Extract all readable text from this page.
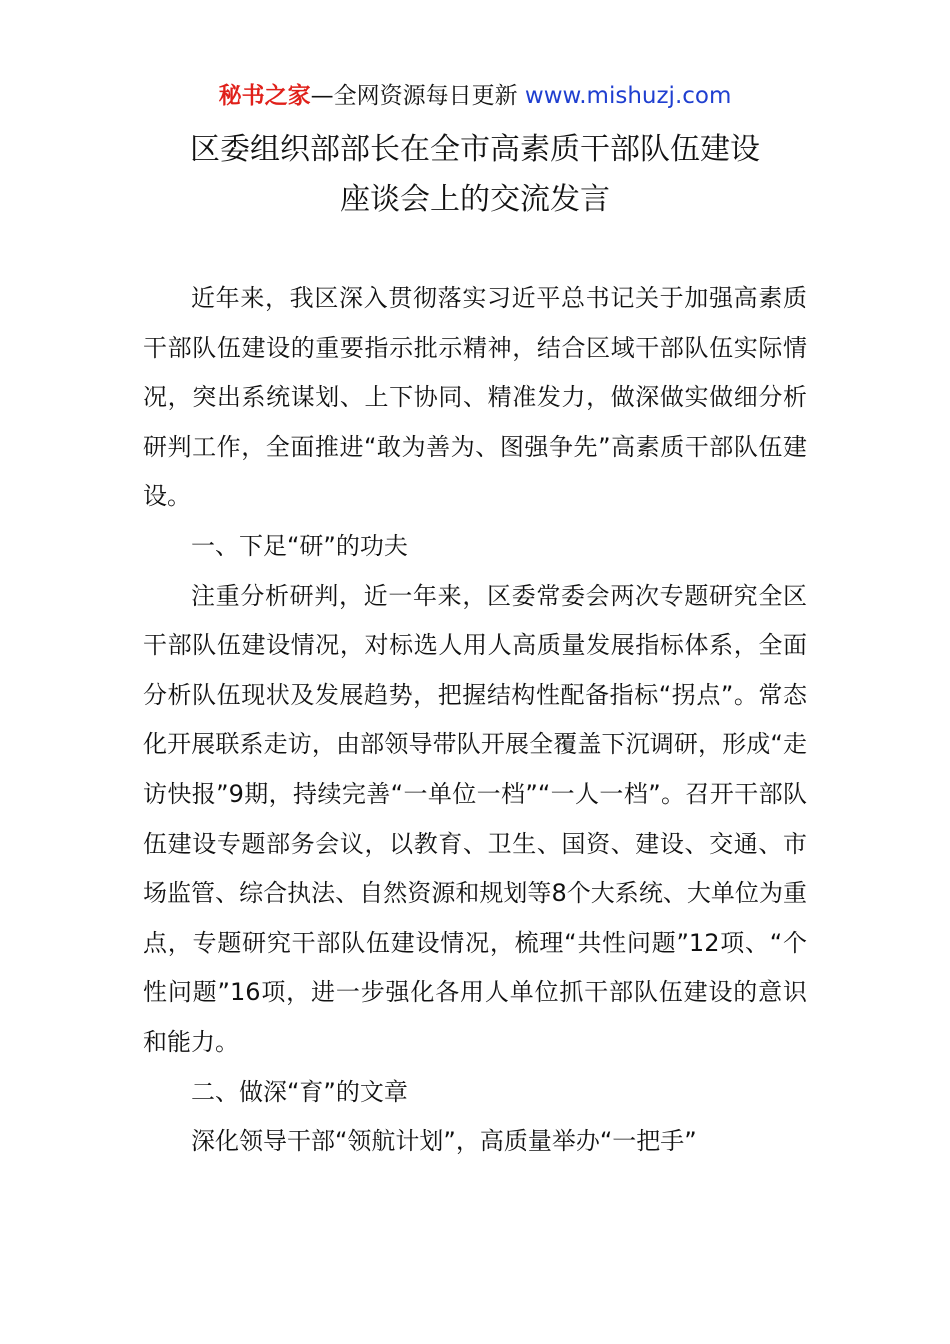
秘书之家—全网资源每日更新 www.mishuzj.com
区委组织部部长在全市高素质干部队伍建设
座谈会上的交流发言

近年来，我区深入贯彻落实习近平总书记关于加强高素质干部队伍建设的重要指示批示精神，结合区域干部队伍实际情况，突出系统谋划、上下协同、精准发力，做深做实做细分析研判工作，全面推进“敢为善为、图强争先”高素质干部队伍建设。

一、下足“研”的功夫

注重分析研判，近一年来，区委常委会两次专题研究全区干部队伍建设情况，对标选人用人高质量发展指标体系，全面分析队伍现状及发展趋势，把握结构性配备指标“拐点”。常态化开展联系走访，由部领导带队开展全覆盖下沉调研，形成“走访快报”9期，持续完善“一单位一档”“一人一档”。召开干部队伍建设专题部务会议，以教育、卫生、国资、建设、交通、市场监管、综合执法、自然资源和规划等8个大系统、大单位为重点，专题研究干部队伍建设情况，梳理“共性问题”12项、“个性问题”16项，进一步强化各用人单位抓干部队伍建设的意识和能力。

二、做深“育”的文章

深化领导干部“领航计划”，高质量举办“一把手”
